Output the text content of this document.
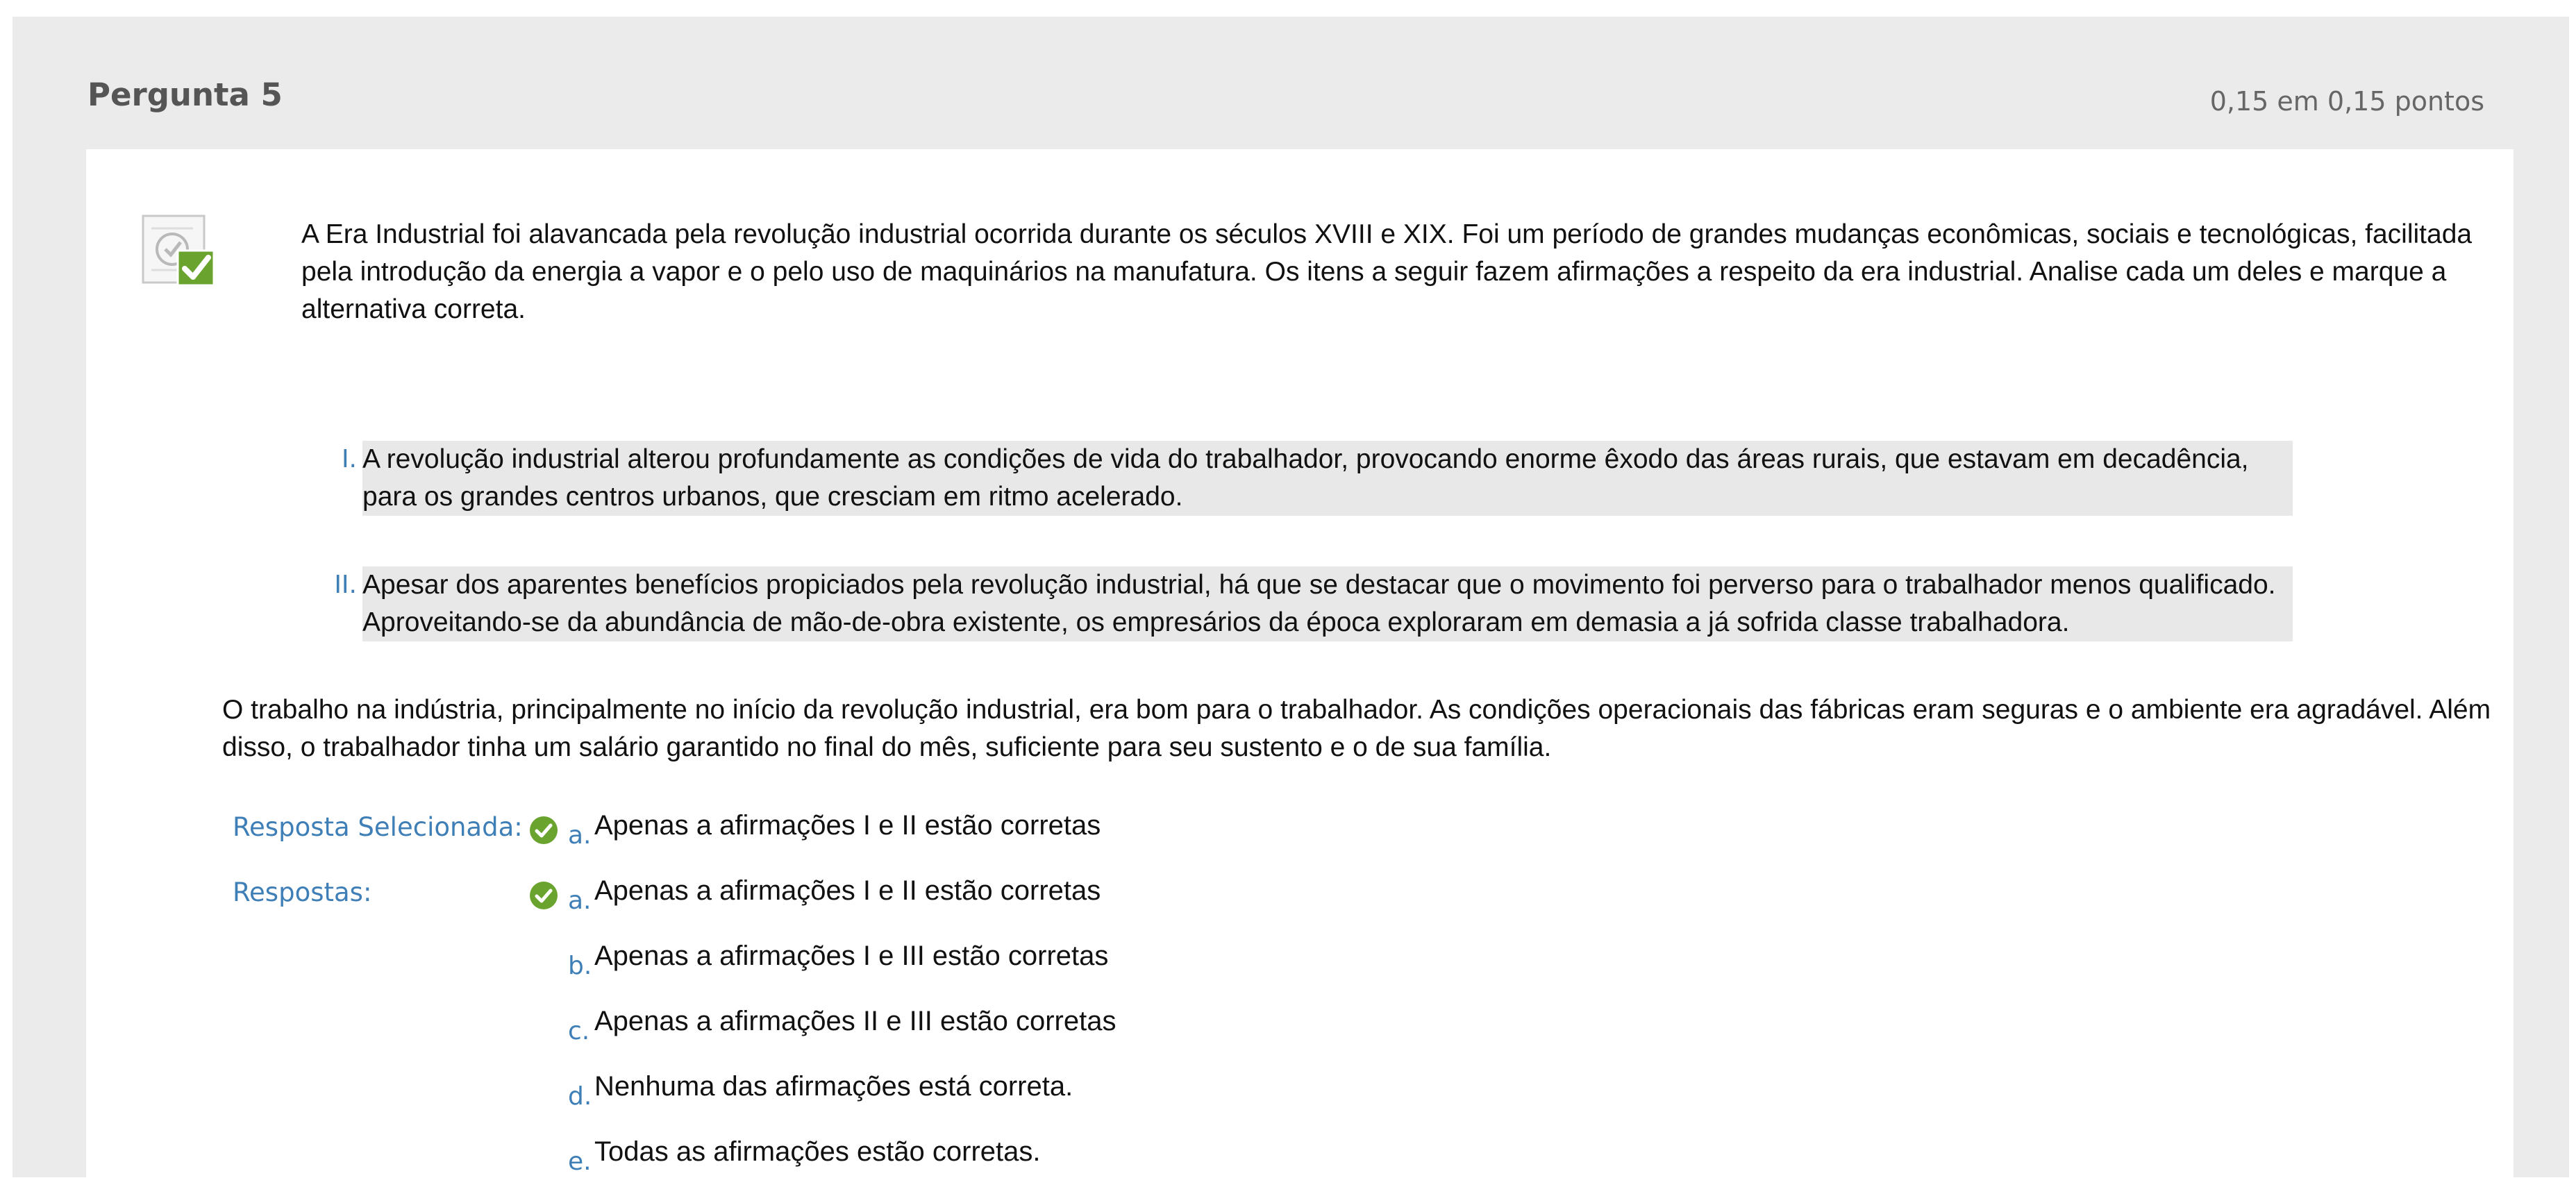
Pergunta 5	0,15 em 0,15 pontos

A Era Industrial foi alavancada pela revolução industrial ocorrida durante os séculos XVIII e XIX. Foi um período de grandes mudanças econômicas, sociais e tecnológicas, facilitada pela introdução da energia a vapor e o pelo uso de maquinários na manufatura. Os itens a seguir fazem afirmações a respeito da era industrial. Analise cada um deles e marque a alternativa correta.

I. A revolução industrial alterou profundamente as condições de vida do trabalhador, provocando enorme êxodo das áreas rurais, que estavam em decadência, para os grandes centros urbanos, que cresciam em ritmo acelerado.
II. Apesar dos aparentes benefícios propiciados pela revolução industrial, há que se destacar que o movimento foi perverso para o trabalhador menos qualificado. Aproveitando-se da abundância de mão-de-obra existente, os empresários da época exploraram em demasia a já sofrida classe trabalhadora.

O trabalho na indústria, principalmente no início da revolução industrial, era bom para o trabalhador. As condições operacionais das fábricas eram seguras e o ambiente era agradável. Além disso, o trabalhador tinha um salário garantido no final do mês, suficiente para seu sustento e o de sua família.

Resposta Selecionada:
Respostas:
a. Apenas a afirmações I e II estão corretas
a. Apenas a afirmações I e II estão corretas
b. Apenas a afirmações I e III estão corretas
c. Apenas a afirmações II e III estão corretas
d. Nenhuma das afirmações está correta.
e. Todas as afirmações estão corretas.
